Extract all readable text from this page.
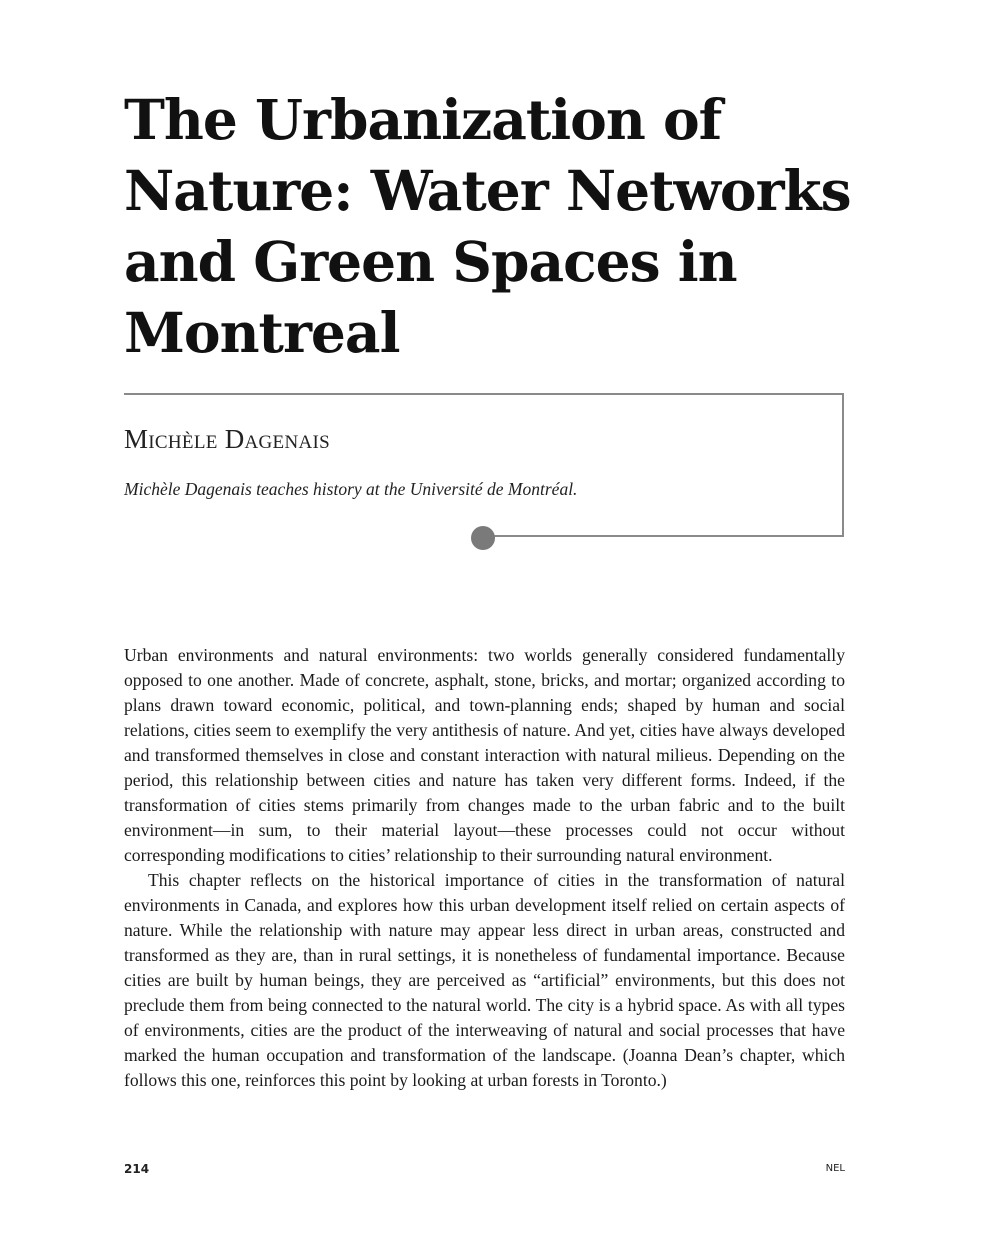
The Urbanization of Nature: Water Networks and Green Spaces in Montreal

Michèle Dagenais

Michèle Dagenais teaches history at the Université de Montréal.

Urban environments and natural environments: two worlds generally considered fundamentally opposed to one another. Made of concrete, asphalt, stone, bricks, and mortar; organized according to plans drawn toward economic, political, and town-planning ends; shaped by human and social relations, cities seem to exemplify the very antithesis of nature. And yet, cities have always developed and transformed themselves in close and constant interaction with natural milieus. Depending on the period, this relationship between cities and nature has taken very different forms. Indeed, if the transformation of cities stems primarily from changes made to the urban fabric and to the built environment—in sum, to their material layout—these processes could not occur without corresponding modifications to cities’ relationship to their surrounding natural environment.

This chapter reflects on the historical importance of cities in the transformation of natural environments in Canada, and explores how this urban development itself relied on certain aspects of nature. While the relationship with nature may appear less direct in urban areas, constructed and transformed as they are, than in rural settings, it is nonetheless of fundamental importance. Because cities are built by human beings, they are perceived as “artificial” environments, but this does not preclude them from being connected to the natural world. The city is a hybrid space. As with all types of environments, cities are the product of the interweaving of natural and social processes that have marked the human occupation and transformation of the landscape. (Joanna Dean’s chapter, which follows this one, reinforces this point by looking at urban forests in Toronto.)

214	NEL
